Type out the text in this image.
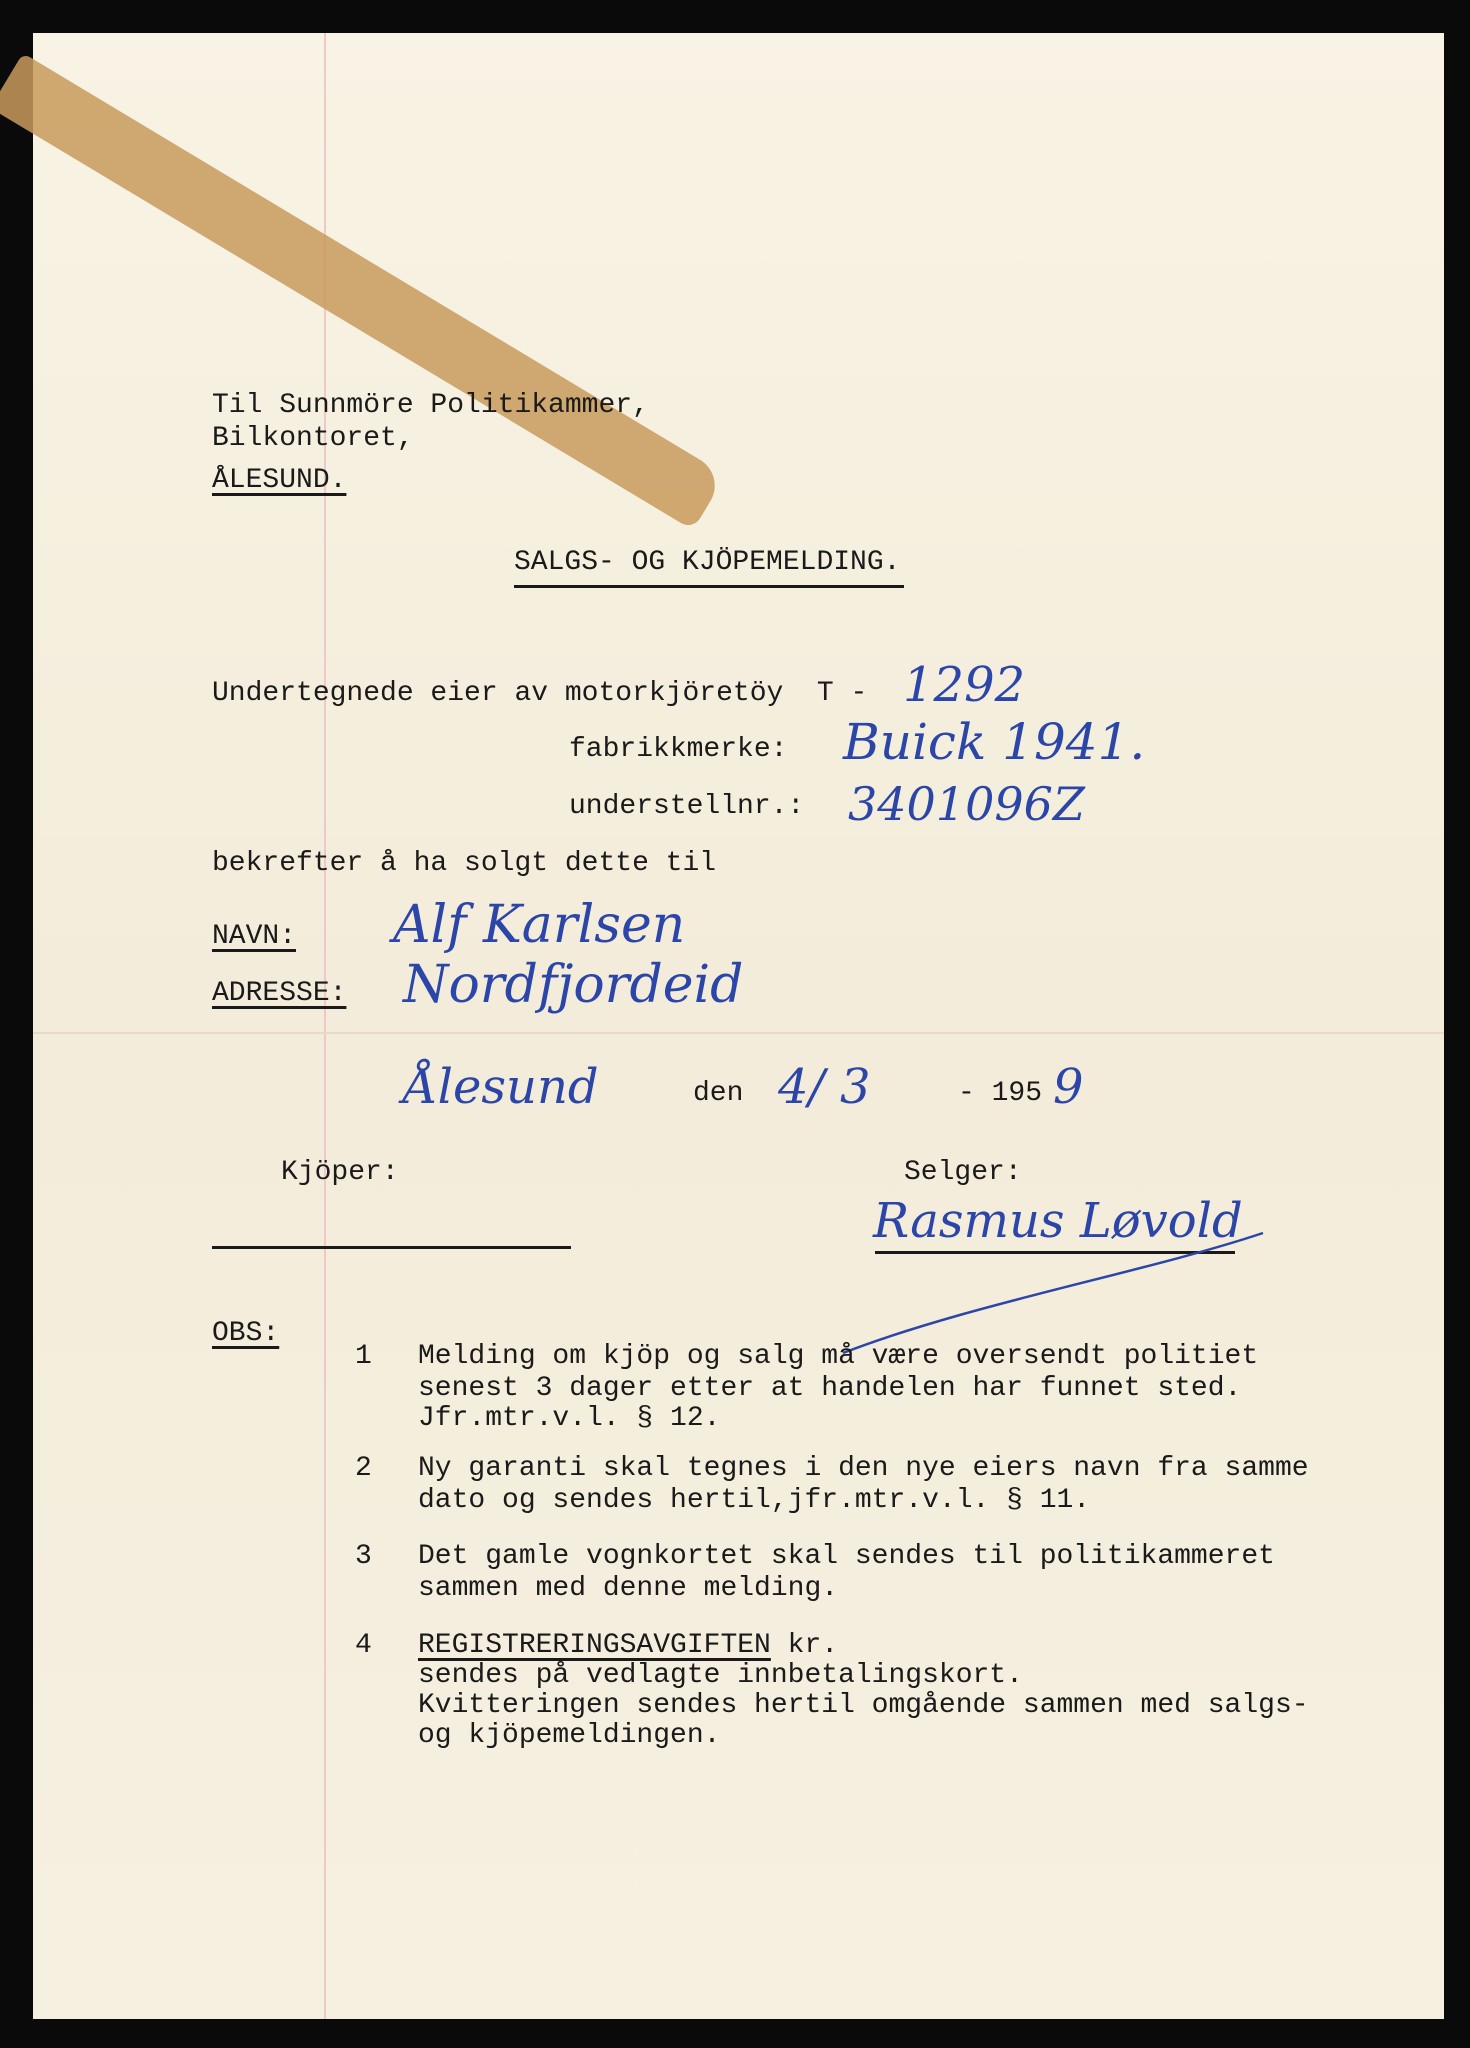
Til Sunnmöre Politikammer,
Bilkontoret,
ÅLESUND.
SALGS- OG KJÖPEMELDING.
Undertegnede eier av motorkjöretöy  T - 1292
fabrikkmerke: Buick 1941.
understellnr.: 3401096Z
bekrefter å ha solgt dette til
NAVN: Alf Karlsen
ADRESSE: Nordfjordeid
Ålesund	den 4/ 3	- 195 9
Kjöper:	Selger:
Rasmus Løvold
OBS:
1 Melding om kjöp og salg må være oversendt politiet
senest 3 dager etter at handelen har funnet sted.
Jfr.mtr.v.l. § 12.
2 Ny garanti skal tegnes i den nye eiers navn fra samme
dato og sendes hertil,jfr.mtr.v.l. § 11.
3 Det gamle vognkortet skal sendes til politikammeret
sammen med denne melding.
4 REGISTRERINGSAVGIFTEN kr.
sendes på vedlagte innbetalingskort.
Kvitteringen sendes hertil omgående sammen med salgs-
og kjöpemeldingen.
